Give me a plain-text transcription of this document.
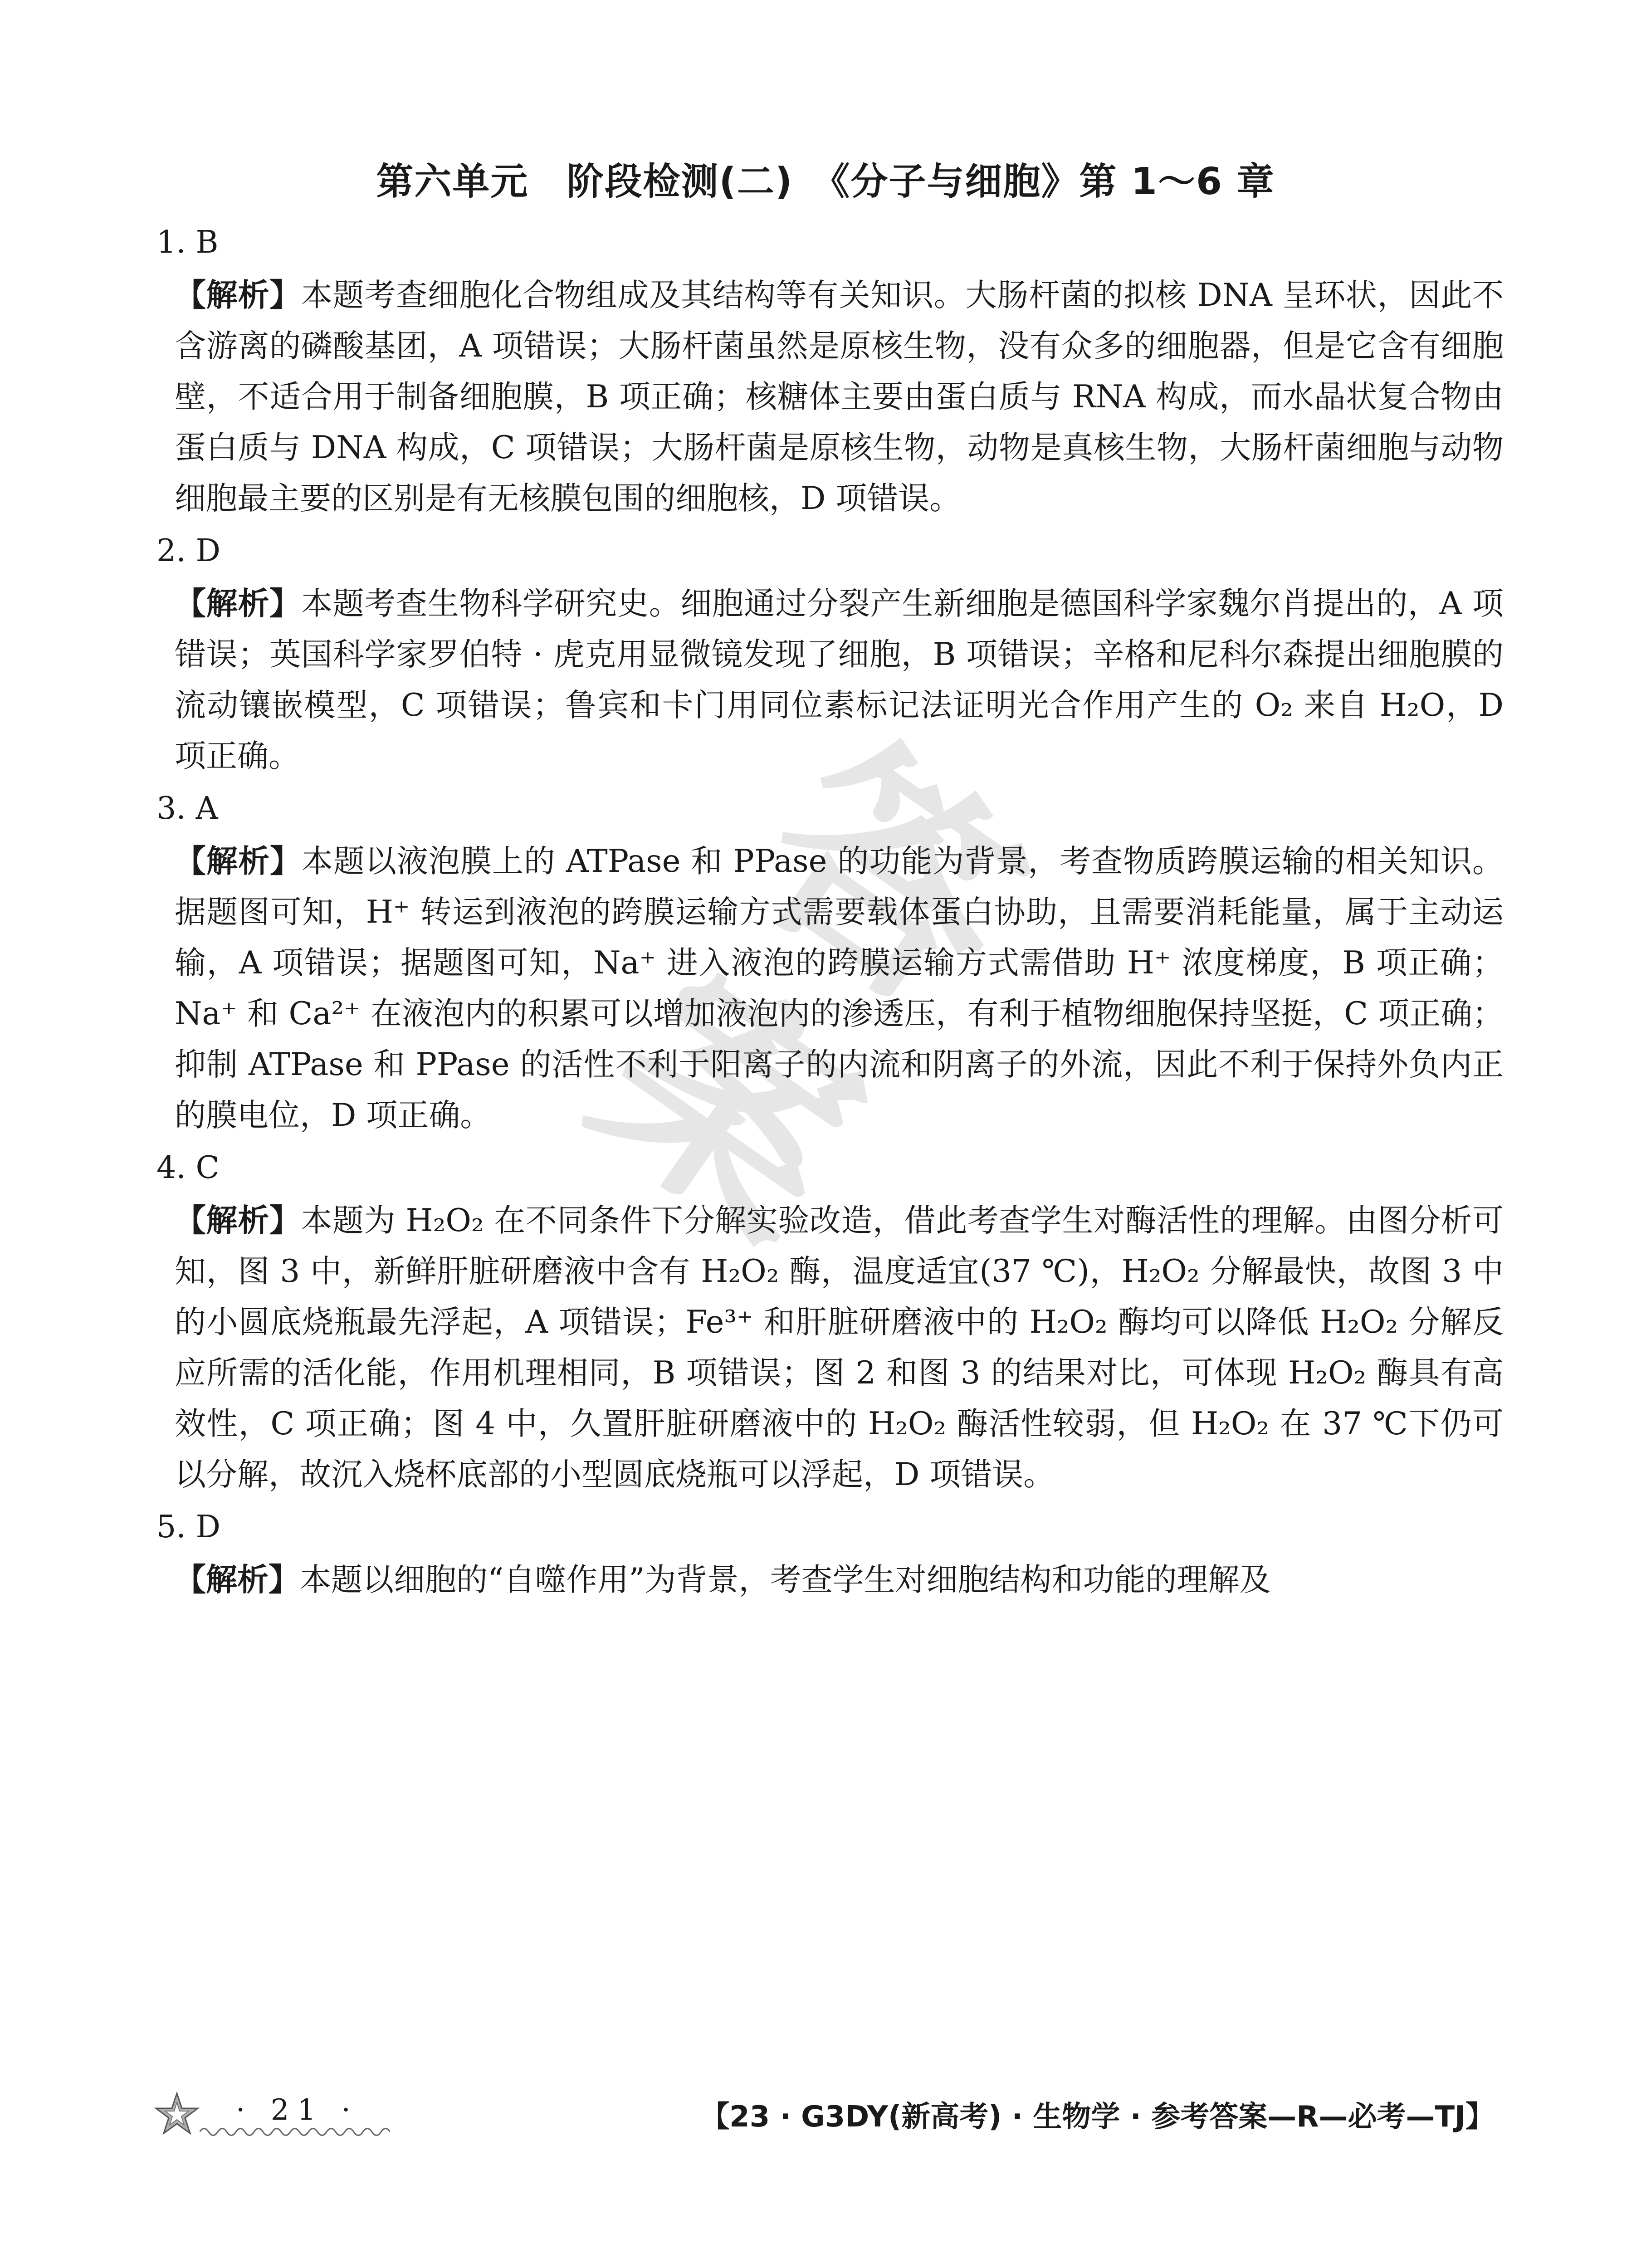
答案
第六单元　阶段检测(二)　《分子与细胞》第 1～6 章
1. B
【解析】本题考查细胞化合物组成及其结构等有关知识。大肠杆菌的拟核 DNA 呈环状，因此不含游离的磷酸基团，A 项错误；大肠杆菌虽然是原核生物，没有众多的细胞器，但是它含有细胞壁，不适合用于制备细胞膜，B 项正确；核糖体主要由蛋白质与 RNA 构成，而水晶状复合物由蛋白质与 DNA 构成，C 项错误；大肠杆菌是原核生物，动物是真核生物，大肠杆菌细胞与动物细胞最主要的区别是有无核膜包围的细胞核，D 项错误。
2. D
【解析】本题考查生物科学研究史。细胞通过分裂产生新细胞是德国科学家魏尔肖提出的，A 项错误；英国科学家罗伯特 · 虎克用显微镜发现了细胞，B 项错误；辛格和尼科尔森提出细胞膜的流动镶嵌模型，C 项错误；鲁宾和卡门用同位素标记法证明光合作用产生的 O₂ 来自 H₂O，D 项正确。
3. A
【解析】本题以液泡膜上的 ATPase 和 PPase 的功能为背景，考查物质跨膜运输的相关知识。据题图可知，H⁺ 转运到液泡的跨膜运输方式需要载体蛋白协助，且需要消耗能量，属于主动运输，A 项错误；据题图可知，Na⁺ 进入液泡的跨膜运输方式需借助 H⁺ 浓度梯度，B 项正确；Na⁺ 和 Ca²⁺ 在液泡内的积累可以增加液泡内的渗透压，有利于植物细胞保持坚挺，C 项正确；抑制 ATPase 和 PPase 的活性不利于阳离子的内流和阴离子的外流，因此不利于保持外负内正的膜电位，D 项正确。
4. C
【解析】本题为 H₂O₂ 在不同条件下分解实验改造，借此考查学生对酶活性的理解。由图分析可知，图 3 中，新鲜肝脏研磨液中含有 H₂O₂ 酶，温度适宜(37 ℃)，H₂O₂ 分解最快，故图 3 中的小圆底烧瓶最先浮起，A 项错误；Fe³⁺ 和肝脏研磨液中的 H₂O₂ 酶均可以降低 H₂O₂ 分解反应所需的活化能，作用机理相同，B 项错误；图 2 和图 3 的结果对比，可体现 H₂O₂ 酶具有高效性，C 项正确；图 4 中，久置肝脏研磨液中的 H₂O₂ 酶活性较弱，但 H₂O₂ 在 37 ℃下仍可以分解，故沉入烧杯底部的小型圆底烧瓶可以浮起，D 项错误。
5. D
【解析】本题以细胞的“自噬作用”为背景，考查学生对细胞结构和功能的理解及
· 21 ·	【23 · G3DY(新高考) · 生物学 · 参考答案—R—必考—TJ】
